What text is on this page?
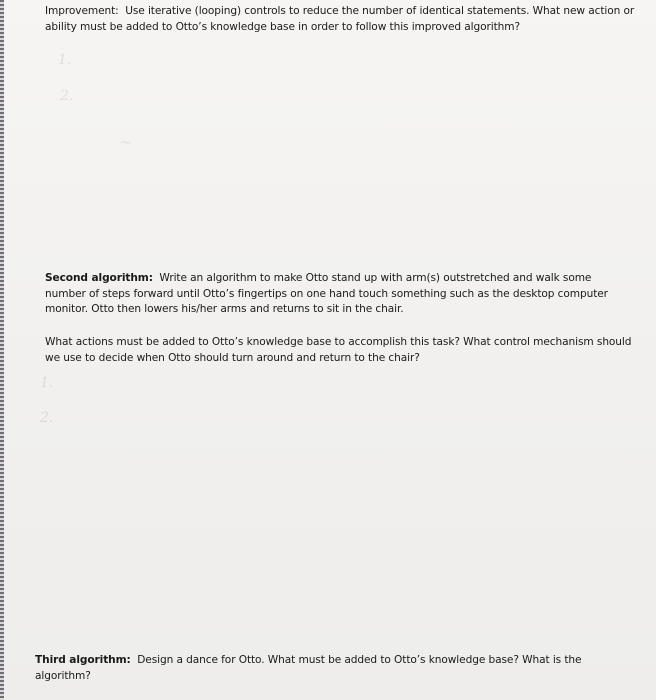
1.
2.
~
1.
2.

Improvement: Use iterative (looping) controls to reduce the number of identical statements. What new action or ability must be added to Otto’s knowledge base in order to follow this improved algorithm?

Second algorithm: Write an algorithm to make Otto stand up with arm(s) outstretched and walk some number of steps forward until Otto’s fingertips on one hand touch something such as the desktop computer monitor. Otto then lowers his/her arms and returns to sit in the chair.

What actions must be added to Otto’s knowledge base to accomplish this task? What control mechanism should we use to decide when Otto should turn around and return to the chair?

Third algorithm: Design a dance for Otto. What must be added to Otto’s knowledge base? What is the algorithm?
